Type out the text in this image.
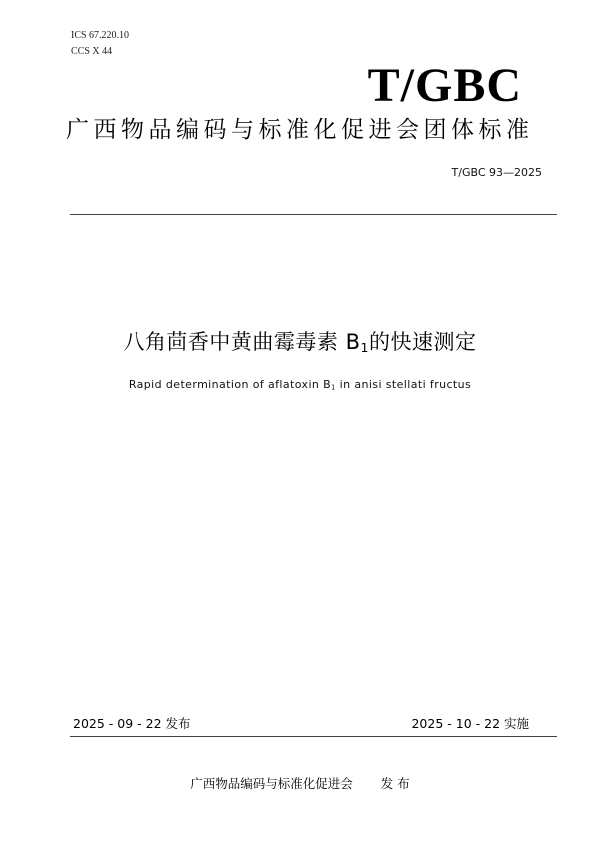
ICS 67.220.10
CCS X 44
T/GBC
广西物品编码与标准化促进会团体标准
T/GBC 93—2025
八角茴香中黄曲霉毒素 $B_1$的快速测定
Rapid determination of aflatoxin $B_1$ in anisi stellati fructus
2025 - 09 - 22 发布	2025 - 10 - 22 实施
广西物品编码与标准化促进会 发 布
